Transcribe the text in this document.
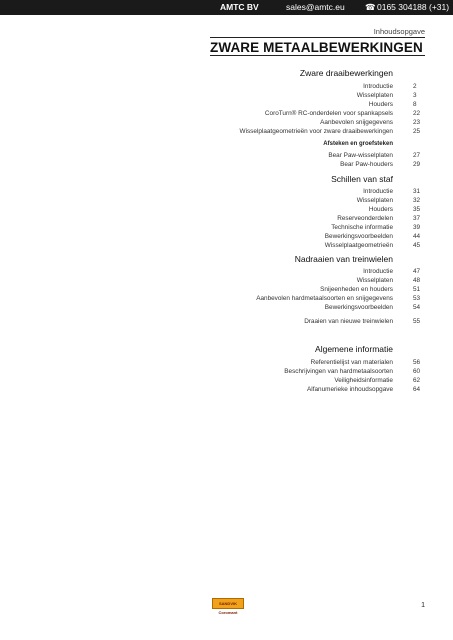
AMTC BV	sales@amtc.eu ☎ 0165 304188 (+31)
Inhoudsopgave
ZWARE METAALBEWERKINGEN
Zware draaibewerkingen
Introductie	2
Wisselplaten	3
Houders	8
CoroTurn® RC-onderdelen voor spankapsels	22
Aanbevolen snijgegevens	23
Wisselplaatgeometrieën voor zware draaibewerkingen	25
Afsteken en groefsteken
Bear Paw-wisselplaten	27
Bear Paw-houders	29
Schillen van staf
Introductie	31
Wisselplaten	32
Houders	35
Reserveonderdelen	37
Technische informatie	39
Bewerkingsvoorbeelden	44
Wisselplaatgeometrieën	45
Nadraaien van treinwielen
Introductie	47
Wisselplaten	48
Snijeenheden en houders	51
Aanbevolen hardmetaalsoorten en snijgegevens	53
Bewerkingsvoorbeelden	54
Draaien van nieuwe treinwielen	55
Algemene informatie
Referentielijst van materialen	56
Beschrijvingen van hardmetaalsoorten	60
Veiligheidsinformatie	62
Alfanumerieke inhoudsopgave	64
SANDVIK Coromant
1
